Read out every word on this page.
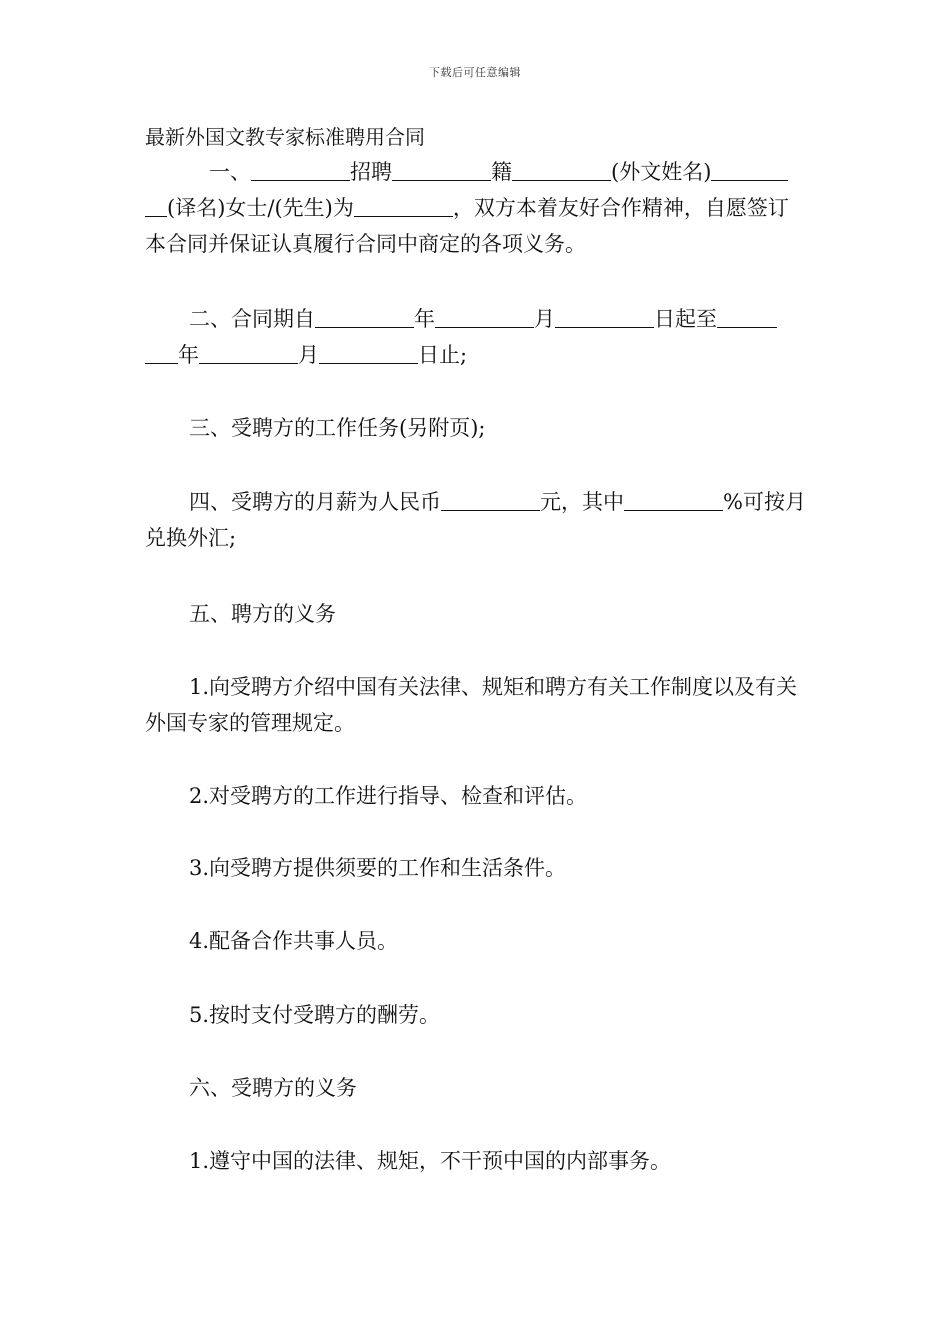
下载后可任意编辑
最新外国文教专家标准聘用合同

一、	招聘	籍	(外文姓名)(译名)女士/(先生)为	，双方本着友好合作精神，自愿签订本合同并保证认真履行合同中商定的各项义务。

二、合同期自	年	月	日起至年	月	日止;

三、受聘方的工作任务(另附页);

四、受聘方的月薪为人民币	元，其中	%可按月兑换外汇;

五、聘方的义务

1.向受聘方介绍中国有关法律、规矩和聘方有关工作制度以及有关外国专家的管理规定。

2.对受聘方的工作进行指导、检查和评估。

3.向受聘方提供须要的工作和生活条件。

4.配备合作共事人员。

5.按时支付受聘方的酬劳。

六、受聘方的义务

1.遵守中国的法律、规矩，不干预中国的内部事务。
